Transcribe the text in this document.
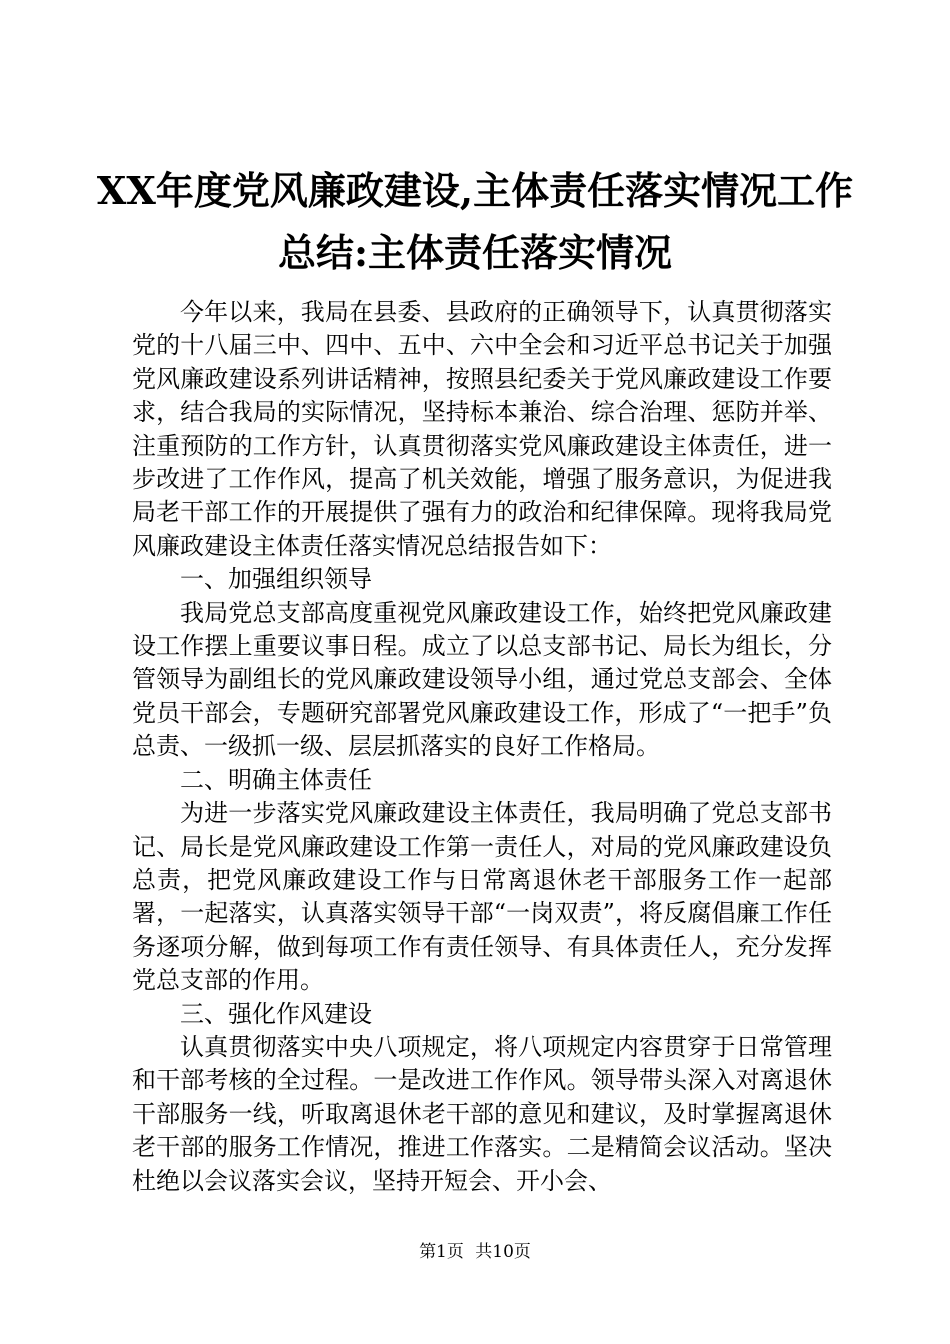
XX年度党风廉政建设,主体责任落实情况工作总结:主体责任落实情况

今年以来，我局在县委、县政府的正确领导下，认真贯彻落实党的十八届三中、四中、五中、六中全会和习近平总书记关于加强党风廉政建设系列讲话精神，按照县纪委关于党风廉政建设工作要求，结合我局的实际情况，坚持标本兼治、综合治理、惩防并举、注重预防的工作方针，认真贯彻落实党风廉政建设主体责任，进一步改进了工作作风，提高了机关效能，增强了服务意识，为促进我局老干部工作的开展提供了强有力的政治和纪律保障。现将我局党风廉政建设主体责任落实情况总结报告如下：

一、加强组织领导

我局党总支部高度重视党风廉政建设工作，始终把党风廉政建设工作摆上重要议事日程。成立了以总支部书记、局长为组长，分管领导为副组长的党风廉政建设领导小组，通过党总支部会、全体党员干部会，专题研究部署党风廉政建设工作，形成了“一把手”负总责、一级抓一级、层层抓落实的良好工作格局。

二、明确主体责任

为进一步落实党风廉政建设主体责任，我局明确了党总支部书记、局长是党风廉政建设工作第一责任人，对局的党风廉政建设负总责，把党风廉政建设工作与日常离退休老干部服务工作一起部署，一起落实，认真落实领导干部“一岗双责”，将反腐倡廉工作任务逐项分解，做到每项工作有责任领导、有具体责任人，充分发挥党总支部的作用。

三、强化作风建设

认真贯彻落实中央八项规定，将八项规定内容贯穿于日常管理和干部考核的全过程。一是改进工作作风。领导带头深入对离退休干部服务一线，听取离退休老干部的意见和建议，及时掌握离退休老干部的服务工作情况，推进工作落实。二是精简会议活动。坚决杜绝以会议落实会议，坚持开短会、开小会、

第1页 共10页
